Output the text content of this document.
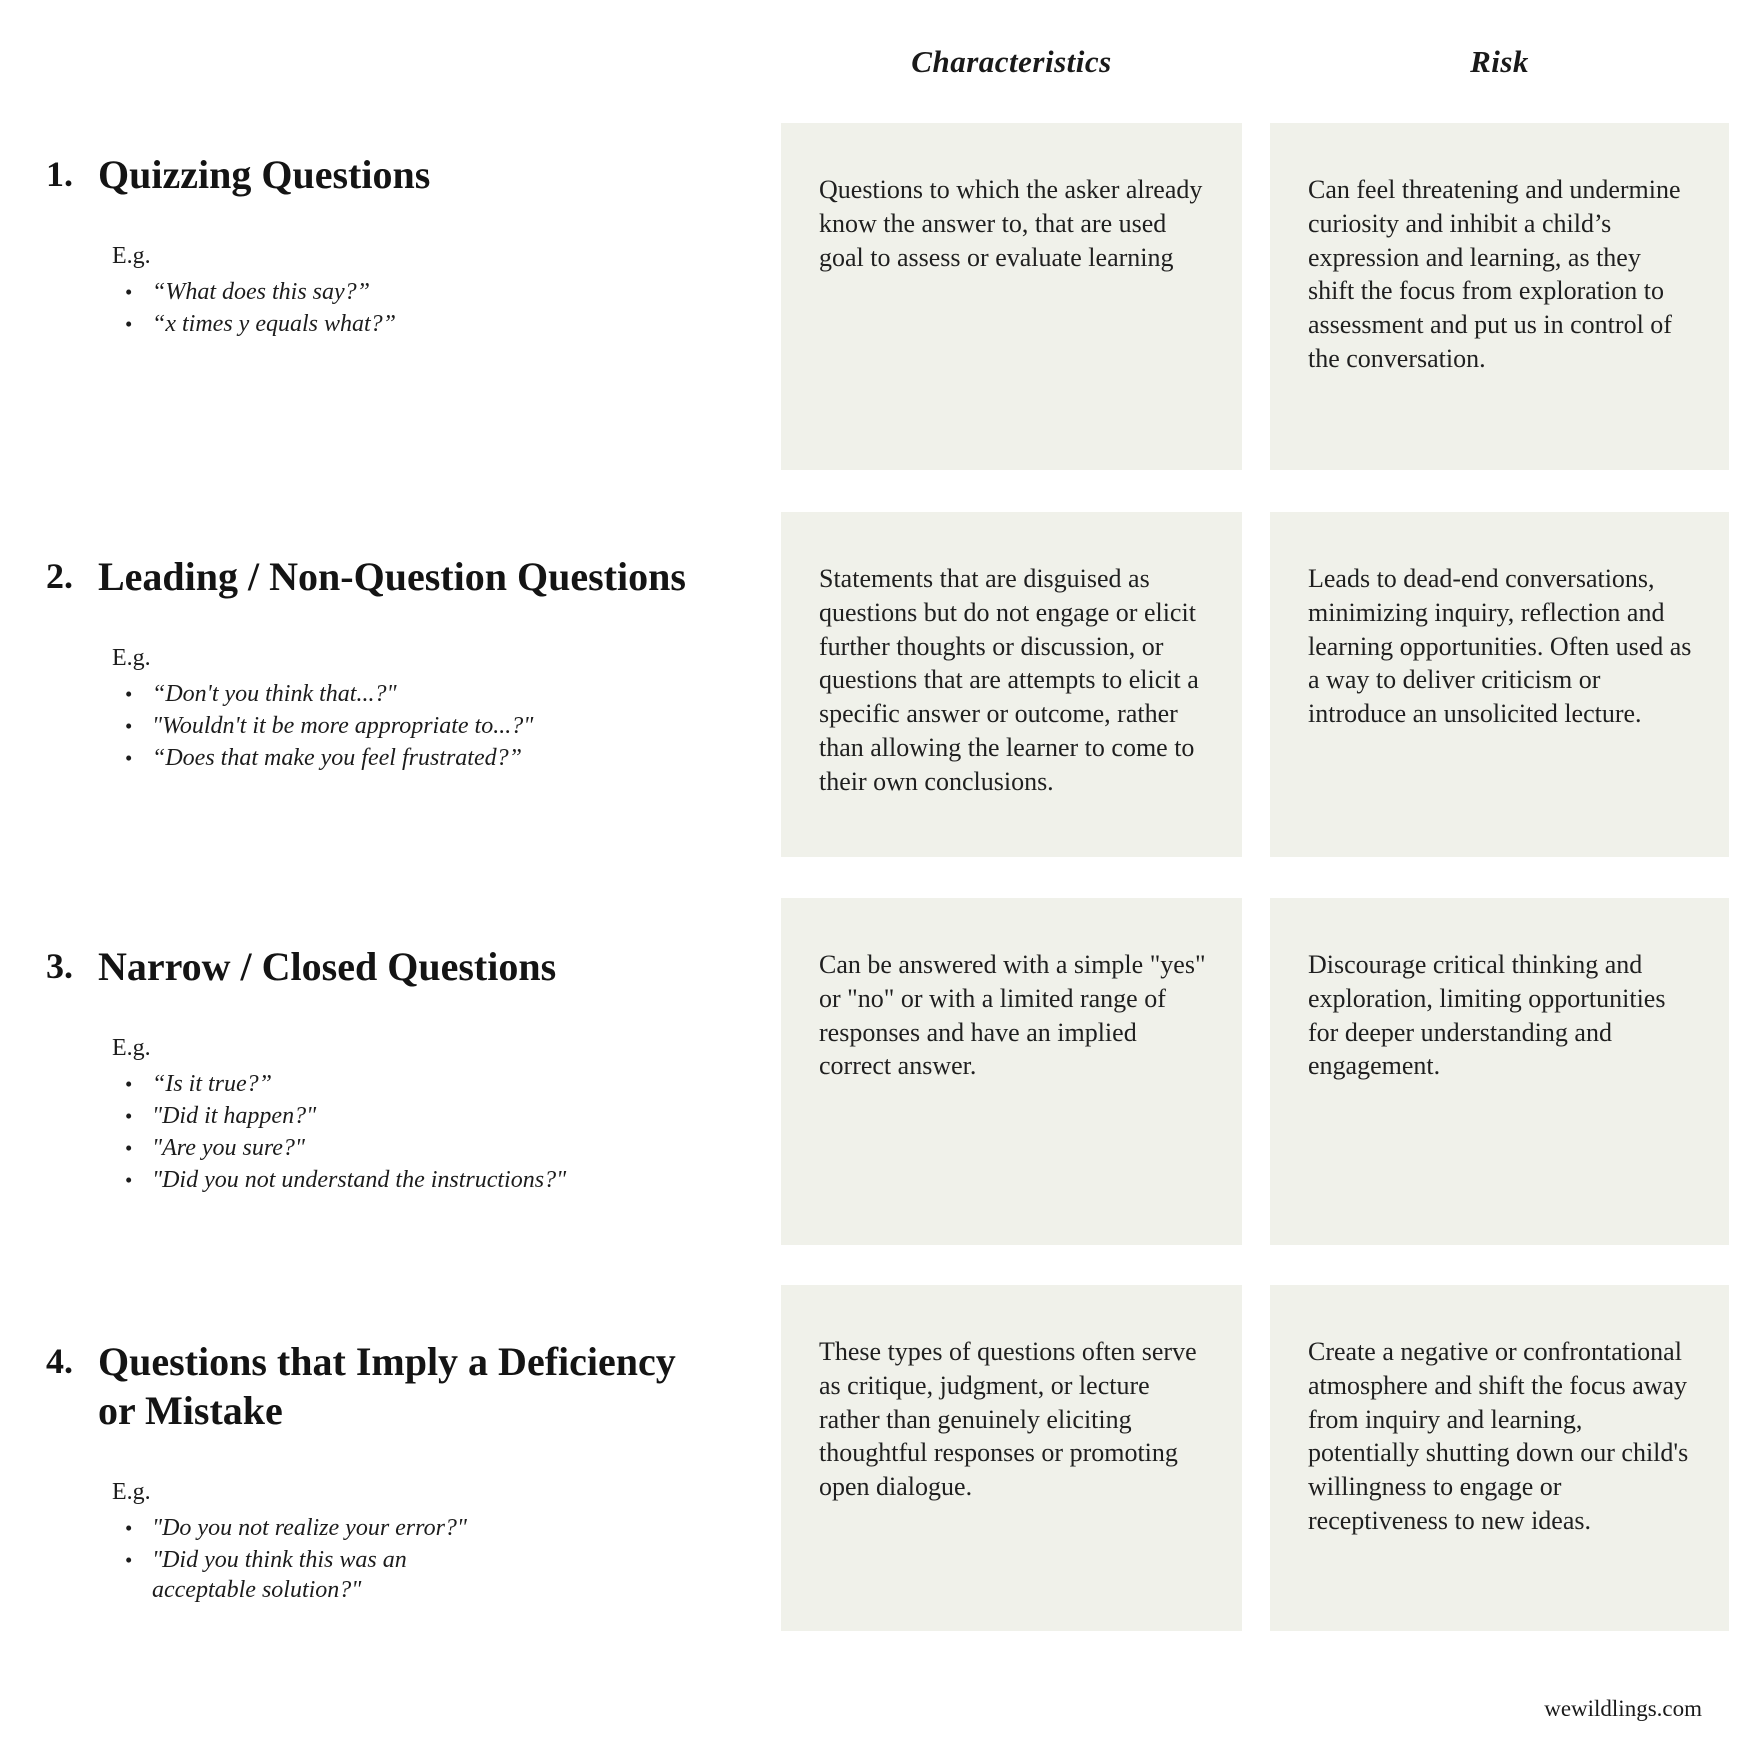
Characteristics	Risk
1. Quizzing Questions
E.g.
• “What does this say?”
• “x times y equals what?”
Questions to which the asker already know the answer to, that are used goal to assess or evaluate learning
Can feel threatening and undermine curiosity and inhibit a child’s expression and learning, as they shift the focus from exploration to assessment and put us in control of the conversation.
2. Leading / Non-Question Questions
E.g.
• “Don't you think that...?"
• "Wouldn't it be more appropriate to...?"
• “Does that make you feel frustrated?”
Statements that are disguised as questions but do not engage or elicit further thoughts or discussion, or questions that are attempts to elicit a specific answer or outcome, rather than allowing the learner to come to their own conclusions.
Leads to dead-end conversations, minimizing inquiry, reflection and learning opportunities. Often used as a way to deliver criticism or introduce an unsolicited lecture.
3. Narrow / Closed Questions
E.g.
• “Is it true?”
• "Did it happen?"
• "Are you sure?"
• "Did you not understand the instructions?"
Can be answered with a simple "yes" or "no" or with a limited range of responses and have an implied correct answer.
Discourage critical thinking and exploration, limiting opportunities for deeper understanding and engagement.
4. Questions that Imply a Deficiency
or Mistake
E.g.
• "Do you not realize your error?"
• "Did you think this was an acceptable solution?"
These types of questions often serve as critique, judgment, or lecture rather than genuinely eliciting thoughtful responses or promoting open dialogue.
Create a negative or confrontational atmosphere and shift the focus away from inquiry and learning, potentially shutting down our child's willingness to engage or receptiveness to new ideas.
wewildlings.com
